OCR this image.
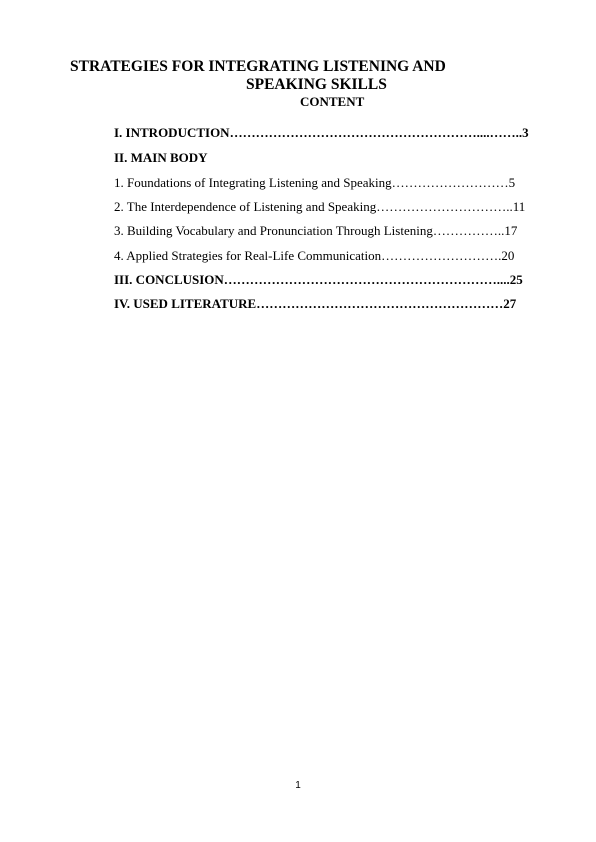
STRATEGIES FOR INTEGRATING LISTENING AND
SPEAKING SKILLS
CONTENT
I. INTRODUCTION…………………………………………………....……..3
II. MAIN BODY
1. Foundations of Integrating Listening and Speaking………………………5
2. The Interdependence of Listening and Speaking…………………………..11
3. Building Vocabulary and Pronunciation Through Listening……………..17
4. Applied Strategies for Real-Life Communication……………………….20
III. CONCLUSION………………………………………………………....25
IV. USED LITERATURE…………………………………………………27
1
